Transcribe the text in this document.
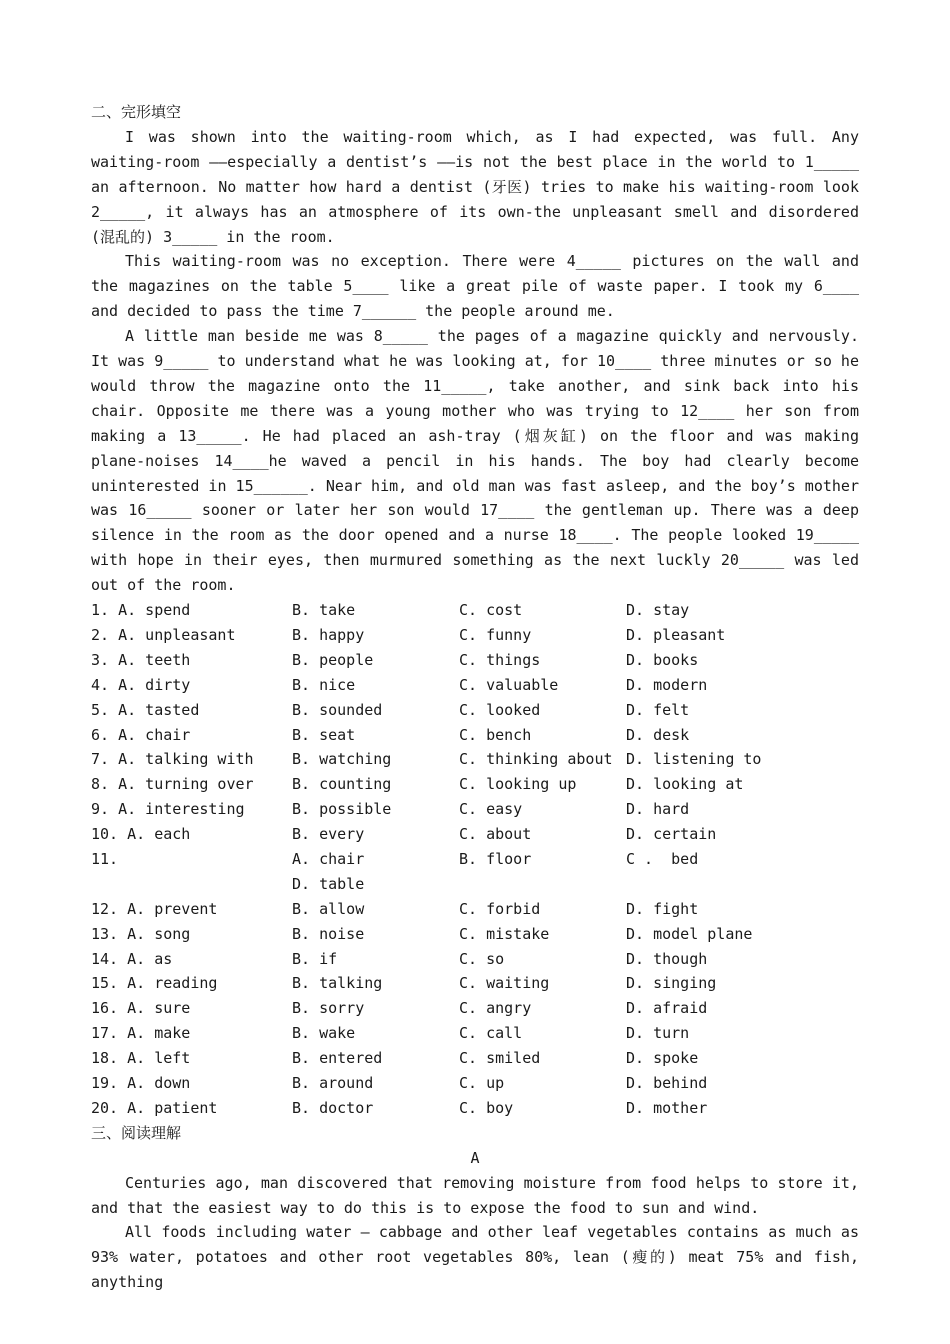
二、完形填空

I was shown into the waiting-room which, as I had expected, was full. Any waiting-room ——especially a dentist’s ——is not the best place in the world to 1_____ an afternoon. No matter how hard a dentist (牙医) tries to make his waiting-room look 2_____, it always has an atmosphere of its own-the unpleasant smell and disordered (混乱的) 3_____ in the room.

This waiting-room was no exception. There were 4_____ pictures on the wall and the magazines on the table 5____ like a great pile of waste paper. I took my 6____ and decided to pass the time 7______ the people around me.

A little man beside me was 8_____ the pages of a magazine quickly and nervously. It was 9_____ to understand what he was looking at, for 10____ three minutes or so he would throw the magazine onto the 11_____, take another, and sink back into his chair. Opposite me there was a young mother who was trying to 12____ her son from making a 13_____. He had placed an ash-tray (烟灰缸) on the floor and was making plane-noises 14____he waved a pencil in his hands. The boy had clearly become uninterested in 15______. Near him, and old man was fast asleep, and the boy’s mother was 16_____ sooner or later her son would 17____ the gentleman up. There was a deep silence in the room as the door opened and a nurse 18____. The people looked 19_____ with hope in their eyes, then murmured something as the next luckly 20_____ was led out of the room.

1. A. spend	B. take	C. cost	D. stay
2. A. unpleasant	B. happy	C. funny	D. pleasant
3. A. teeth	B. people	C. things	D. books
4. A. dirty	B. nice	C. valuable	D. modern
5. A. tasted	B. sounded	C. looked	D. felt
6. A. chair	B. seat	C. bench	D. desk
7. A. talking with	B. watching	C. thinking about D. listening to
8. A. turning over	B. counting	C. looking up	D. looking at
9. A. interesting	B. possible	C. easy	D. hard
10. A. each	B. every	C. about	D. certain
11.	A. chair	B. floor	C .  bed
D. table
12. A. prevent	B. allow	C. forbid	D. fight
13. A. song	B. noise	C. mistake	D. model plane
14. A. as	B. if	C. so	D. though
15. A. reading	B. talking	C. waiting	D. singing
16. A. sure	B. sorry	C. angry	D. afraid
17. A. make	B. wake	C. call	D. turn
18. A. left	B. entered	C. smiled	D. spoke
19. A. down	B. around	C. up	D. behind
20. A. patient	B. doctor	C. boy	D. mother
三、阅读理解
A

Centuries ago, man discovered that removing moisture from food helps to store it, and that the easiest way to do this is to expose the food to sun and wind.

All foods including water — cabbage and other leaf vegetables contains as much as 93% water, potatoes and other root vegetables 80%, lean (瘦的) meat 75% and fish, anything
